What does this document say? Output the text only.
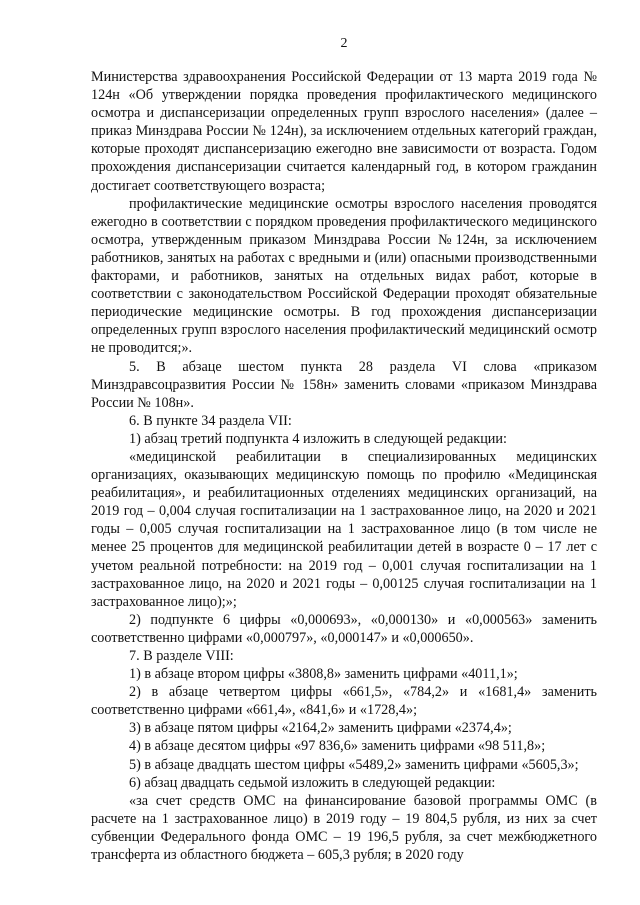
2

Министерства здравоохранения Российской Федерации от 13 марта 2019 года № 124н «Об утверждении порядка проведения профилактического медицинского осмотра и диспансеризации определенных групп взрослого населения» (далее – приказ Минздрава России № 124н), за исключением отдельных категорий граждан, которые проходят диспансеризацию ежегодно вне зависимости от возраста. Годом прохождения диспансеризации считается календарный год, в котором гражданин достигает соответствующего возраста;

профилактические медицинские осмотры взрослого населения проводятся ежегодно в соответствии с порядком проведения профилактического медицинского осмотра, утвержденным приказом Минздрава России №124н, за исключением работников, занятых на работах с вредными и (или) опасными производственными факторами, и работников, занятых на отдельных видах работ, которые в соответствии с законодательством Российской Федерации проходят обязательные периодические медицинские осмотры. В год прохождения диспансеризации определенных групп взрослого населения профилактический медицинский осмотр не проводится;».

5. В абзаце шестом пункта 28 раздела VI слова «приказом Минздравсоцразвития России № 158н» заменить словами «приказом Минздрава России № 108н».

6. В пункте 34 раздела VII:

1) абзац третий подпункта 4 изложить в следующей редакции:

«медицинской реабилитации в специализированных медицинских организациях, оказывающих медицинскую помощь по профилю «Медицинская реабилитация», и реабилитационных отделениях медицинских организаций, на 2019 год – 0,004 случая госпитализации на 1 застрахованное лицо, на 2020 и 2021 годы – 0,005 случая госпитализации на 1 застрахованное лицо (в том числе не менее 25 процентов для медицинской реабилитации детей в возрасте 0 – 17 лет с учетом реальной потребности: на 2019 год – 0,001 случая госпитализации на 1 застрахованное лицо, на 2020 и 2021 годы – 0,00125 случая госпитализации на 1 застрахованное лицо);»;

2) подпункте 6 цифры «0,000693», «0,000130» и «0,000563» заменить соответственно цифрами «0,000797», «0,000147» и «0,000650».

7. В разделе VIII:

1) в абзаце втором цифры «3808,8» заменить цифрами «4011,1»;

2) в абзаце четвертом цифры «661,5», «784,2» и «1681,4» заменить соответственно цифрами «661,4», «841,6» и «1728,4»;

3) в абзаце пятом цифры «2164,2» заменить цифрами «2374,4»;

4) в абзаце десятом цифры «97 836,6» заменить цифрами «98 511,8»;

5) в абзаце двадцать шестом цифры «5489,2» заменить цифрами «5605,3»;

6) абзац двадцать седьмой изложить в следующей редакции:

«за счет средств ОМС на финансирование базовой программы ОМС (в расчете на 1 застрахованное лицо) в 2019 году – 19 804,5 рубля, из них за счет субвенции Федерального фонда ОМС – 19 196,5 рубля, за счет межбюджетного трансферта из областного бюджета – 605,3 рубля; в 2020 году
